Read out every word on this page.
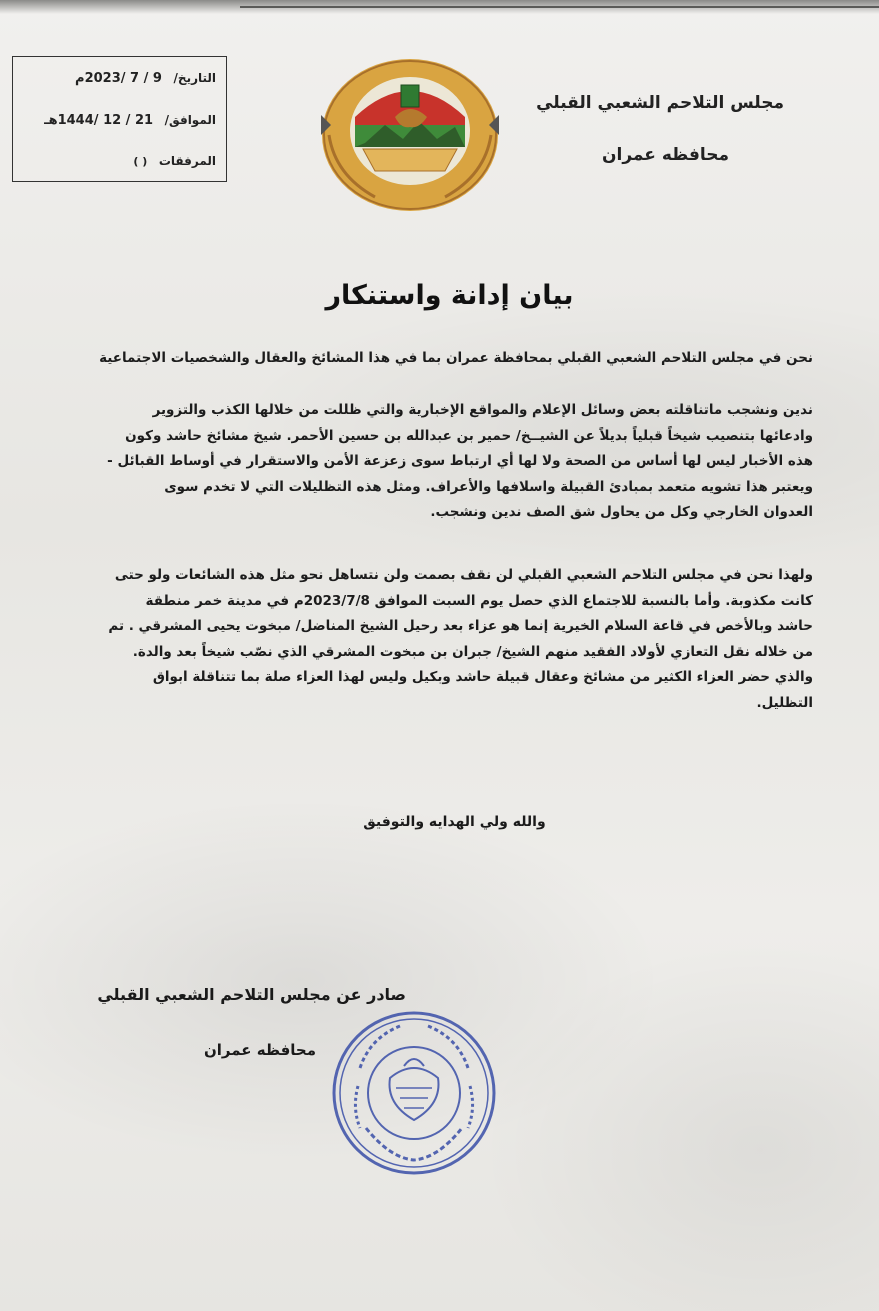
مجلس التلاحم الشعبي القبلي
محافظه عمران
التاريخ/ 9 / 7 /2023م
الموافق/ 21 / 12 /1444هـ
المرفقات ( )
بيان إدانة واستنكار
نحن في مجلس التلاحم الشعبي القبلي بمحافظة عمران بما في هذا المشائخ والعقال والشخصيات الاجتماعية
ندين ونشجب ماتناقلته بعض وسائل الإعلام والمواقع الإخبارية والتي ظللت من خلالها الكذب والتزوير
وادعائها بتنصيب شيخاً قبلياً بديلاً عن الشيــخ/ حمير بن عبدالله بن حسين الأحمر. شيخ مشائخ حاشد وكون
هذه الأخبار ليس لها أساس من الصحة ولا لها أي ارتباط سوى زعزعة الأمن والاستقرار في أوساط القبائل -
ويعتبر هذا تشويه متعمد بمبادئ القبيلة واسلافها والأعراف. ومثل هذه التظليلات التي لا تخدم سوى
العدوان الخارجي وكل من يحاول شق الصف ندين ونشجب.
ولهذا نحن في مجلس التلاحم الشعبي القبلي لن نقف بصمت ولن نتساهل نحو مثل هذه الشائعات ولو حتى
كانت مكذوبة. وأما بالنسبة للاجتماع الذي حصل يوم السبت الموافق 2023/7/8م في مدينة خمر منطقة
حاشد وبالأخص في قاعة السلام الخيرية إنما هو عزاء بعد رحيل الشيخ المناضل/ مبخوت يحيى المشرقي . تم
من خلاله نقل التعازي لأولاد الفقيد منهم الشيخ/ جبران بن مبخوت المشرقي الذي نصّب شيخاً بعد والدة.
والذي حضر العزاء الكثير من مشائخ وعقال قبيلة حاشد وبكيل وليس لهذا العزاء صلة بما تتناقلة ابواق
التظليل.
والله ولي الهدايه والتوفيق
صادر عن مجلس التلاحم الشعبي القبلي
محافظه عمران
